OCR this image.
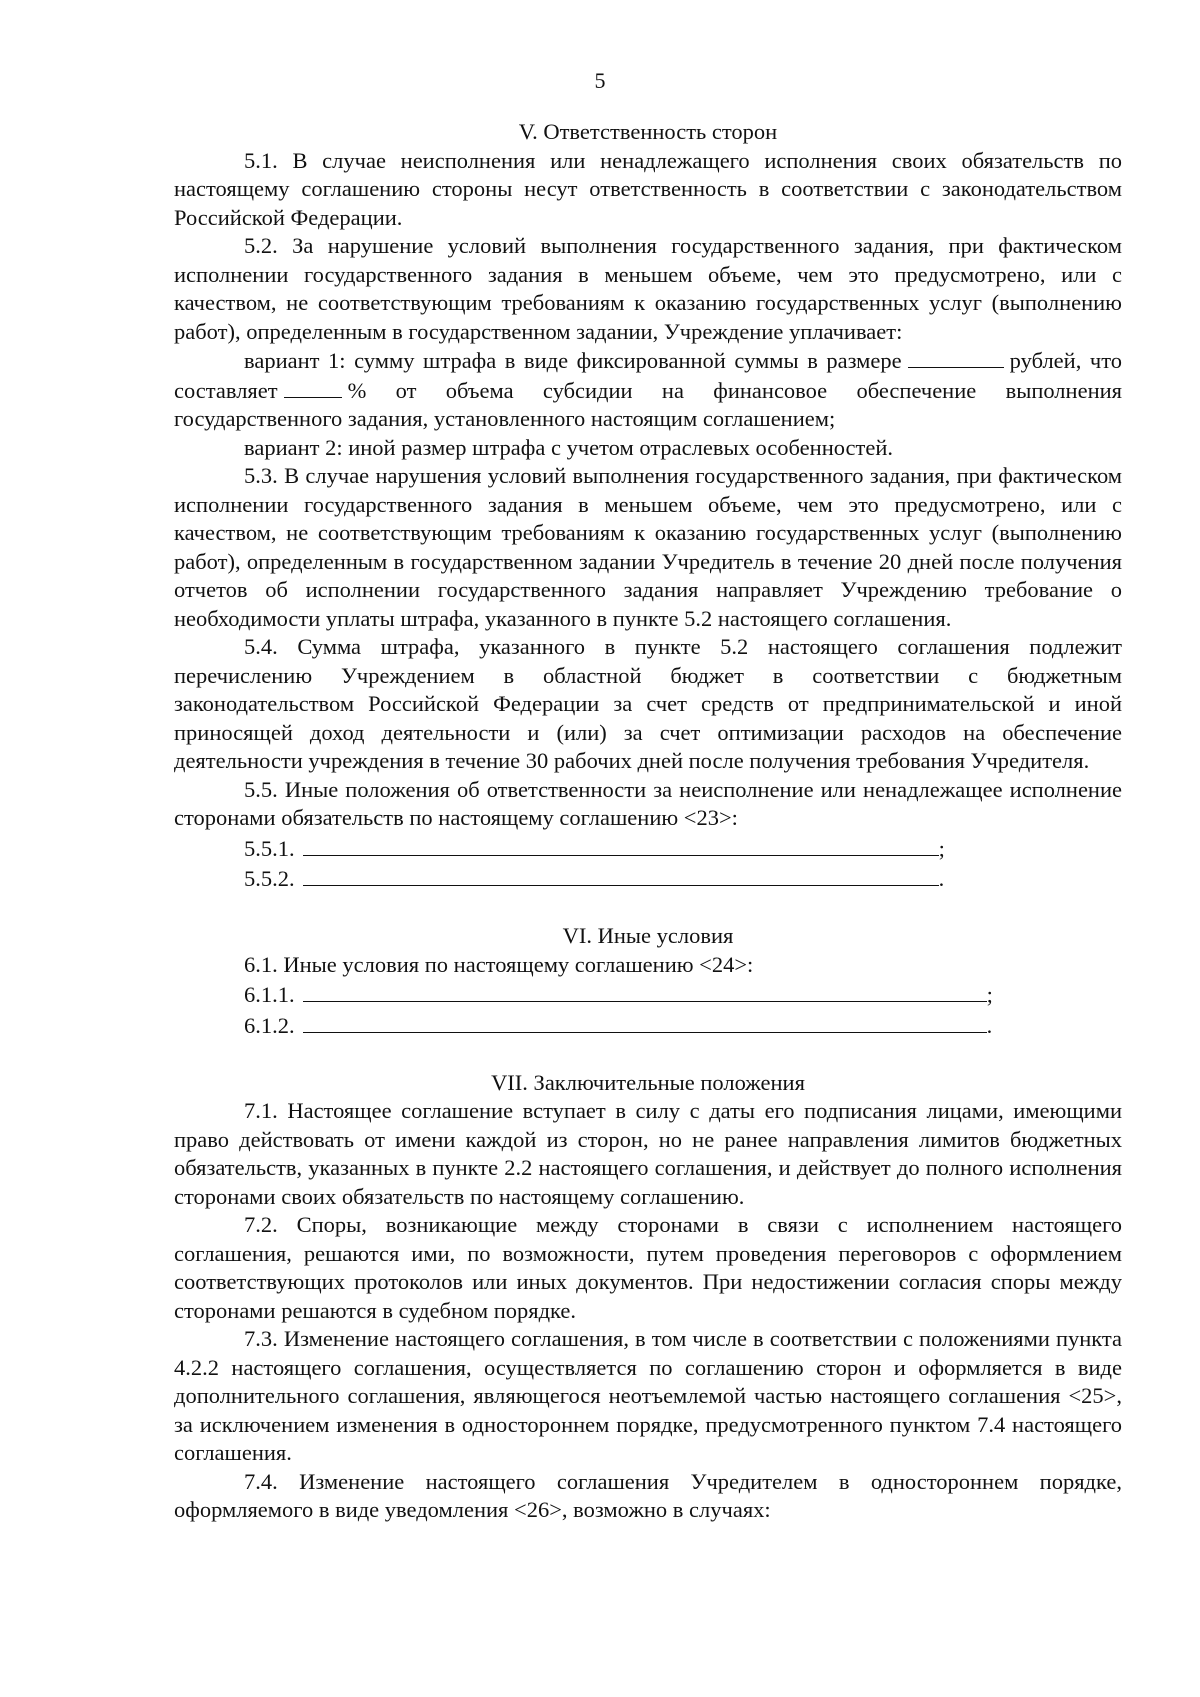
5

V. Ответственность сторон

5.1. В случае неисполнения или ненадлежащего исполнения своих обязательств по настоящему соглашению стороны несут ответственность в соответствии с законодательством Российской Федерации.

5.2. За нарушение условий выполнения государственного задания, при фактическом исполнении государственного задания в меньшем объеме, чем это предусмотрено, или с качеством, не соответствующим требованиям к оказанию государственных услуг (выполнению работ), определенным в государственном задании, Учреждение уплачивает:

вариант 1: сумму штрафа в виде фиксированной суммы в размере	рублей, что составляет	% от объема субсидии на финансовое обеспечение выполнения государственного задания, установленного настоящим соглашением;

вариант 2: иной размер штрафа с учетом отраслевых особенностей.

5.3. В случае нарушения условий выполнения государственного задания, при фактическом исполнении государственного задания в меньшем объеме, чем это предусмотрено, или с качеством, не соответствующим требованиям к оказанию государственных услуг (выполнению работ), определенным в государственном задании Учредитель в течение 20 дней после получения отчетов об исполнении государственного задания направляет Учреждению требование о необходимости уплаты штрафа, указанного в пункте 5.2 настоящего соглашения.

5.4. Сумма штрафа, указанного в пункте 5.2 настоящего соглашения подлежит перечислению Учреждением в областной бюджет в соответствии с бюджетным законодательством Российской Федерации за счет средств от предпринимательской и иной приносящей доход деятельности и (или) за счет оптимизации расходов на обеспечение деятельности учреждения в течение 30 рабочих дней после получения требования Учредителя.

5.5. Иные положения об ответственности за неисполнение или ненадлежащее исполнение сторонами обязательств по настоящему соглашению <23>:

5.5.1.	;

5.5.2.	.

VI. Иные условия

6.1. Иные условия по настоящему соглашению <24>:

6.1.1.	;

6.1.2.	.

VII. Заключительные положения

7.1. Настоящее соглашение вступает в силу с даты его подписания лицами, имеющими право действовать от имени каждой из сторон, но не ранее направления лимитов бюджетных обязательств, указанных в пункте 2.2 настоящего соглашения, и действует до полного исполнения сторонами своих обязательств по настоящему соглашению.

7.2. Споры, возникающие между сторонами в связи с исполнением настоящего соглашения, решаются ими, по возможности, путем проведения переговоров с оформлением соответствующих протоколов или иных документов. При недостижении согласия споры между сторонами решаются в судебном порядке.

7.3. Изменение настоящего соглашения, в том числе в соответствии с положениями пункта 4.2.2 настоящего соглашения, осуществляется по соглашению сторон и оформляется в виде дополнительного соглашения, являющегося неотъемлемой частью настоящего соглашения <25>, за исключением изменения в одностороннем порядке, предусмотренного пунктом 7.4 настоящего соглашения.

7.4. Изменение настоящего соглашения Учредителем в одностороннем порядке, оформляемого в виде уведомления <26>, возможно в случаях:
